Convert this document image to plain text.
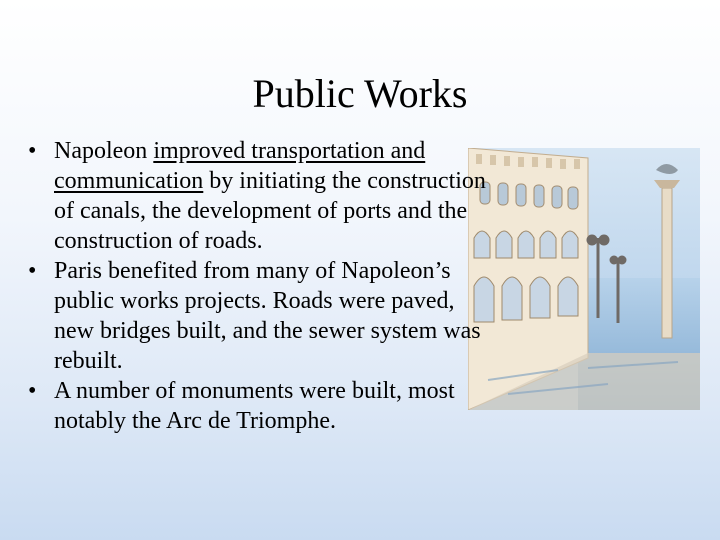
Public Works
• Napoleon improved transportation and communication by initiating the construction of canals, the development of ports and the construction of roads.
• Paris benefited from many of Napoleon’s public works projects. Roads were paved, new bridges built, and the sewer system was rebuilt.
• A number of monuments were built, most notably the Arc de Triomphe.
